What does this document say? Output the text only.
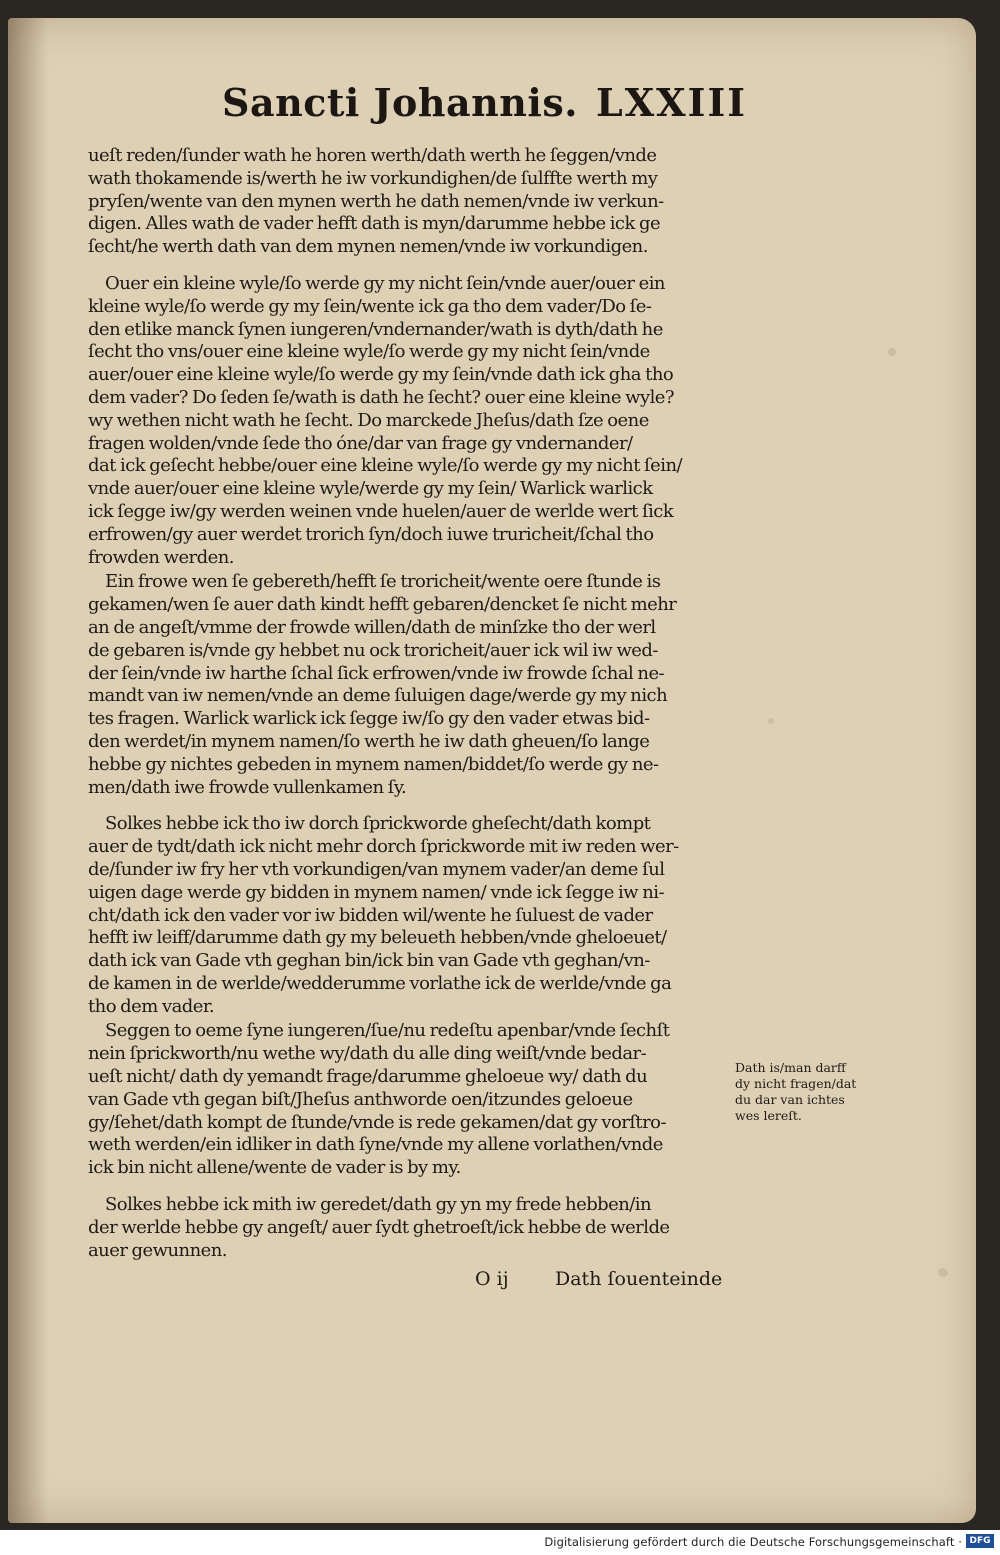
Sancti Johannis. LXXIII
ueſt reden/ſunder wath he horen werth/dath werth he ſeggen/vnde
wath thokamende is/werth he iw vorkundighen/de ſulffte werth my
pryſen/wente van den mynen werth he dath nemen/vnde iw verkun-
digen. Alles wath de vader hefft dath is myn/darumme hebbe ick ge
ſecht/he werth dath van dem mynen nemen/vnde iw vorkundigen.
Ouer ein kleine wyle/ſo werde gy my nicht ſein/vnde auer/ouer ein
kleine wyle/ſo werde gy my ſein/wente ick ga tho dem vader/Do ſe-
den etlike manck ſynen iungeren/vndernander/wath is dyth/dath he
ſecht tho vns/ouer eine kleine wyle/ſo werde gy my nicht ſein/vnde
auer/ouer eine kleine wyle/ſo werde gy my ſein/vnde dath ick gha tho
dem vader? Do ſeden ſe/wath is dath he ſecht? ouer eine kleine wyle?
wy wethen nicht wath he ſecht. Do marckede Jheſus/dath ſze oene
fragen wolden/vnde ſede tho óne/dar van frage gy vndernander/
dat ick geſecht hebbe/ouer eine kleine wyle/ſo werde gy my nicht ſein/
vnde auer/ouer eine kleine wyle/werde gy my ſein/ Warlick warlick
ick ſegge iw/gy werden weinen vnde huelen/auer de werlde wert ſick
erfrowen/gy auer werdet trorich ſyn/doch iuwe truricheit/ſchal tho
frowden werden.
Ein frowe wen ſe gebereth/hefft ſe troricheit/wente oere ſtunde is
gekamen/wen ſe auer dath kindt hefft gebaren/dencket ſe nicht mehr
an de angeſt/vmme der frowde willen/dath de minſzke tho der werl
de gebaren is/vnde gy hebbet nu ock troricheit/auer ick wil iw wed-
der ſein/vnde iw harthe ſchal ſick erfrowen/vnde iw frowde ſchal ne-
mandt van iw nemen/vnde an deme ſuluigen dage/werde gy my nich
tes fragen. Warlick warlick ick ſegge iw/ſo gy den vader etwas bid-
den werdet/in mynem namen/ſo werth he iw dath gheuen/ſo lange
hebbe gy nichtes gebeden in mynem namen/biddet/ſo werde gy ne-
men/dath iwe frowde vullenkamen ſy.
Solkes hebbe ick tho iw dorch ſprickworde gheſecht/dath kompt
auer de tydt/dath ick nicht mehr dorch ſprickworde mit iw reden wer-
de/ſunder iw fry her vth vorkundigen/van mynem vader/an deme ſul
uigen dage werde gy bidden in mynem namen/ vnde ick ſegge iw ni-
cht/dath ick den vader vor iw bidden wil/wente he ſuluest de vader
hefft iw leiff/darumme dath gy my beleueth hebben/vnde gheloeuet/
dath ick van Gade vth geghan bin/ick bin van Gade vth geghan/vn-
de kamen in de werlde/wedderumme vorlathe ick de werlde/vnde ga
tho dem vader.
Seggen to oeme ſyne iungeren/ſue/nu redeſtu apenbar/vnde ſechſt
nein ſprickworth/nu wethe wy/dath du alle ding weiſt/vnde bedar-
ueſt nicht/ dath dy yemandt frage/darumme gheloeue wy/ dath du
van Gade vth gegan biſt/Jheſus anthworde oen/itzundes geloeue
gy/ſehet/dath kompt de ſtunde/vnde is rede gekamen/dat gy vorſtro-
weth werden/ein idliker in dath ſyne/vnde my allene vorlathen/vnde
ick bin nicht allene/wente de vader is by my.
Solkes hebbe ick mith iw geredet/dath gy yn my frede hebben/in
der werlde hebbe gy angeſt/ auer ſydt ghetroeſt/ick hebbe de werlde
auer gewunnen.
Dath is/man darff
dy nicht fragen/dat
du dar van ichtes
wes lereſt.
O ij Dath ſouenteinde
Digitalisierung gefördert durch die Deutsche Forschungsgemeinschaft · DFG
